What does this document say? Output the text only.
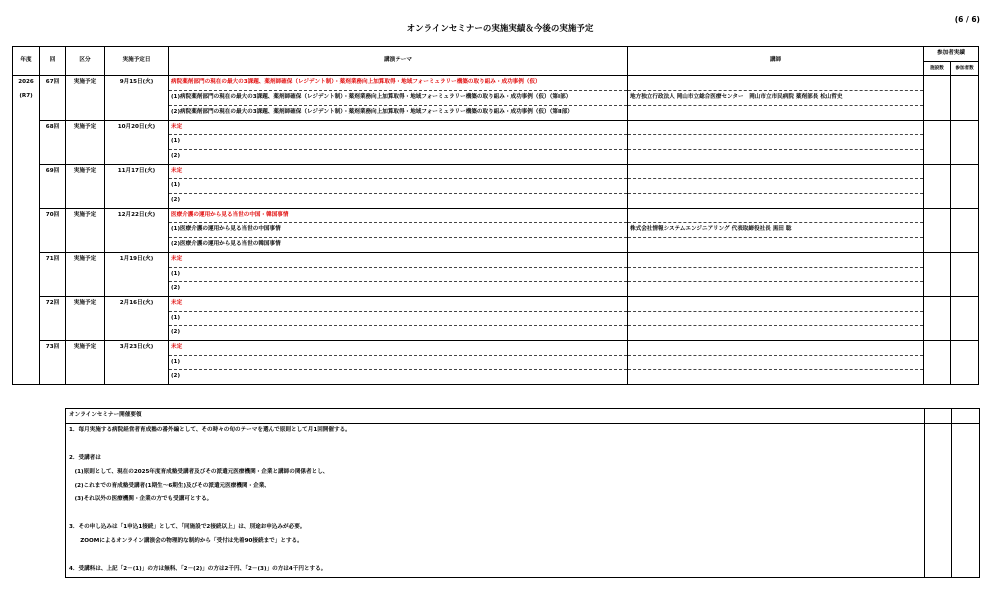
オンラインセミナーの実施実績＆今後の実施予定
(6 / 6)
年度	回	区分	実施予定日	講演テーマ	講師	参加者実績	
						施設数	参加者数

2026
(R7)	67回	実施予定	9月15日(火)	病院薬剤部門の現在の最大の3課題、薬剤師確保（レジデント制）・薬剤業務向上加算取得・地域フォーミュラリー構築の取り組み・成功事例（仮）			
				(1)病院薬剤部門の現在の最大の3課題、薬剤師確保（レジデント制）・薬剤業務向上加算取得・地域フォーミュラリー構築の取り組み・成功事例（仮）（第Ⅰ部）	地方独立行政法人 岡山市立総合医療センター　岡山市立市民病院 薬剤部長 松山哲史		
				(2)病院薬剤部門の現在の最大の3課題、薬剤師確保（レジデント制）・薬剤業務向上加算取得・地域フォーミュラリー構築の取り組み・成功事例（仮）（第Ⅱ部）			
	68回	実施予定	10月20日(火)	未定			
				(1)			
				(2)			
	69回	実施予定	11月17日(火)	未定			
				(1)			
				(2)			
	70回	実施予定	12月22日(火)	医療介護の運用から見る当世の中国・韓国事情			
				(1)医療介護の運用から見る当世の中国事情	株式会社情報システムエンジニアリング 代表取締役社長 黒田 聡		
				(2)医療介護の運用から見る当世の韓国事情			
	71回	実施予定	1月19日(火)	未定			
				(1)			
				(2)			
	72回	実施予定	2月16日(火)	未定			
				(1)			
				(2)			
	73回	実施予定	3月23日(火)	未定			
				(1)			
				(2)			
オンラインセミナー開催要領		
1．毎月実施する病院経営者育成塾の番外編として、その時々の旬のテーマを選んで原則として月1回開催する。		

2．受講者は		
　(1)原則として、現在の2025年度育成塾受講者及びその派遣元医療機関・企業と講師の関係者とし、		
　(2)これまでの育成塾受講者(1期生～6期生)及びその派遣元医療機関・企業、		
　(3)それ以外の医療機関・企業の方でも受講可とする。		

3．その申し込みは「1申込1接続」として、「同施設で2接続以上」は、別途お申込みが必要。		
　　ZOOMによるオンライン講演会の物理的な制約から「受付は先着90接続まで」とする。		

4．受講料は、上記「2－(1)」の方は無料、「2－(2)」の方は2千円、「2－(3)」の方は4千円とする。		
